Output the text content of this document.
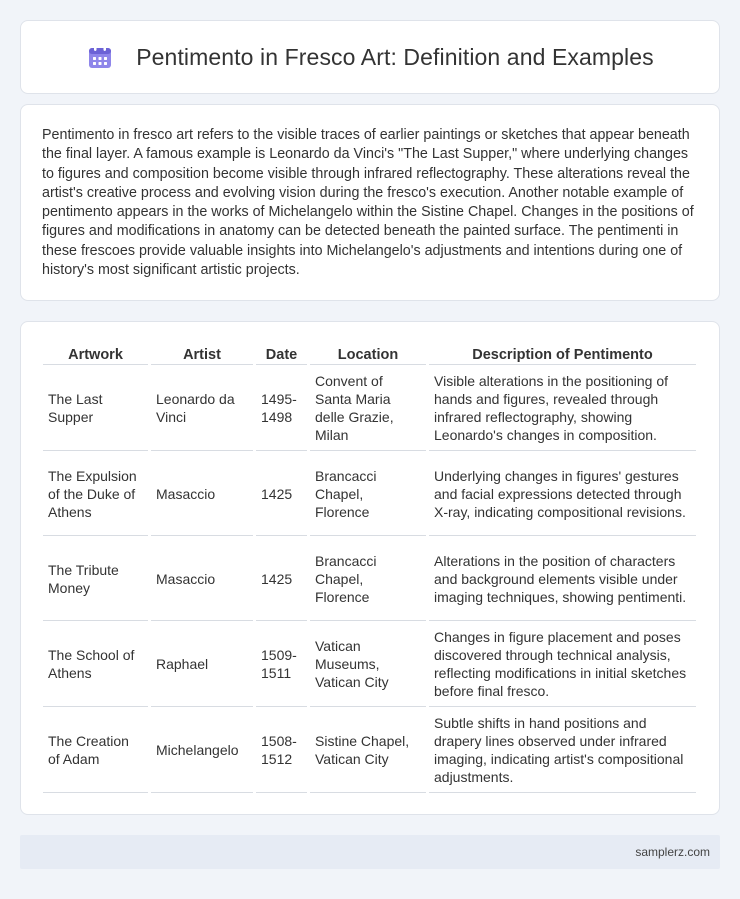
Pentimento in Fresco Art: Definition and Examples

Pentimento in fresco art refers to the visible traces of earlier paintings or sketches that appear beneath the final layer. A famous example is Leonardo da Vinci's "The Last Supper," where underlying changes to figures and composition become visible through infrared reflectography. These alterations reveal the artist's creative process and evolving vision during the fresco's execution. Another notable example of pentimento appears in the works of Michelangelo within the Sistine Chapel. Changes in the positions of figures and modifications in anatomy can be detected beneath the painted surface. The pentimenti in these frescoes provide valuable insights into Michelangelo's adjustments and intentions during one of history's most significant artistic projects.

Artwork	Artist	Date	Location	Description of Pentimento
The Last Supper	Leonardo da Vinci	1495-1498	Convent of Santa Maria delle Grazie, Milan	Visible alterations in the positioning of hands and figures, revealed through infrared reflectography, showing Leonardo's changes in composition.
The Expulsion of the Duke of Athens	Masaccio	1425	Brancacci Chapel, Florence	Underlying changes in figures' gestures and facial expressions detected through X-ray, indicating compositional revisions.
The Tribute Money	Masaccio	1425	Brancacci Chapel, Florence	Alterations in the position of characters and background elements visible under imaging techniques, showing pentimenti.
The School of Athens	Raphael	1509-1511	Vatican Museums, Vatican City	Changes in figure placement and poses discovered through technical analysis, reflecting modifications in initial sketches before final fresco.
The Creation of Adam	Michelangelo	1508-1512	Sistine Chapel, Vatican City	Subtle shifts in hand positions and drapery lines observed under infrared imaging, indicating artist's compositional adjustments.
samplerz.com
